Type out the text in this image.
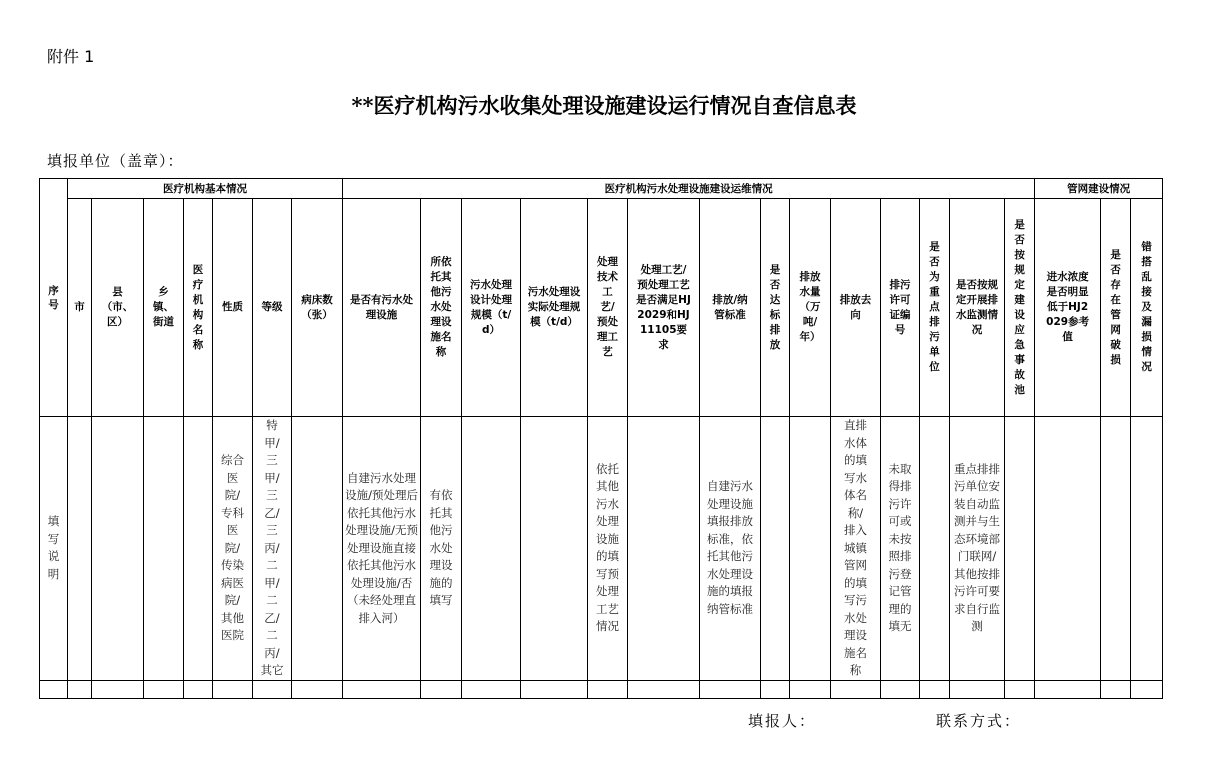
附件 1
**医疗机构污水收集处理设施建设运行情况自查信息表
填报单位（盖章）：
序号	医疗机构基本情况							医疗机构污水处理设施建设运维情况														管网建设情况		
	市	县（市、区）	乡镇、街道	医疗机构名称	性质	等级	病床数（张）	是否有污水处理设施	所依托其他污水处理设施名称	污水处理设计处理规模（t/d）	污水处理设实际处理规模（t/d）	处理技术工艺/预处理工艺	处理工艺/预处理工艺是否满足HJ2029和HJ11105要求	排放/纳管标准	是否达标排放	排放水量（万吨/年）	排放去向	排污许可证编号	是否为重点排污单位	是否按规定开展排水监测情况	是否按规定建设应急事故池	进水浓度是否明显低于HJ2029参考值	是否存在管网破损	错搭乱接及漏损情况
填写说明					综合医院/专科医院/传染病医院/其他医院	特甲/三甲/三乙/三丙/二甲/二乙/二丙/其它		自建污水处理设施/预处理后依托其他污水处理设施/无预处理设施直接依托其他污水处理设施/否（未经处理直排入河）	有依托其他污水处理设施的填写			依托其他污水处理设施的填写预处理工艺情况		自建污水处理设施填报排放标准，依托其他污水处理设施的填报纳管标准			直排水体的填写水体名称/排入城镇管网的填写污水处理设施名称	未取得排污许可或未按照排污登记管理的填无		重点排排污单位安装自动监测并与生态环境部门联网/其他按排污许可要求自行监测				

填报人：	联系方式：
